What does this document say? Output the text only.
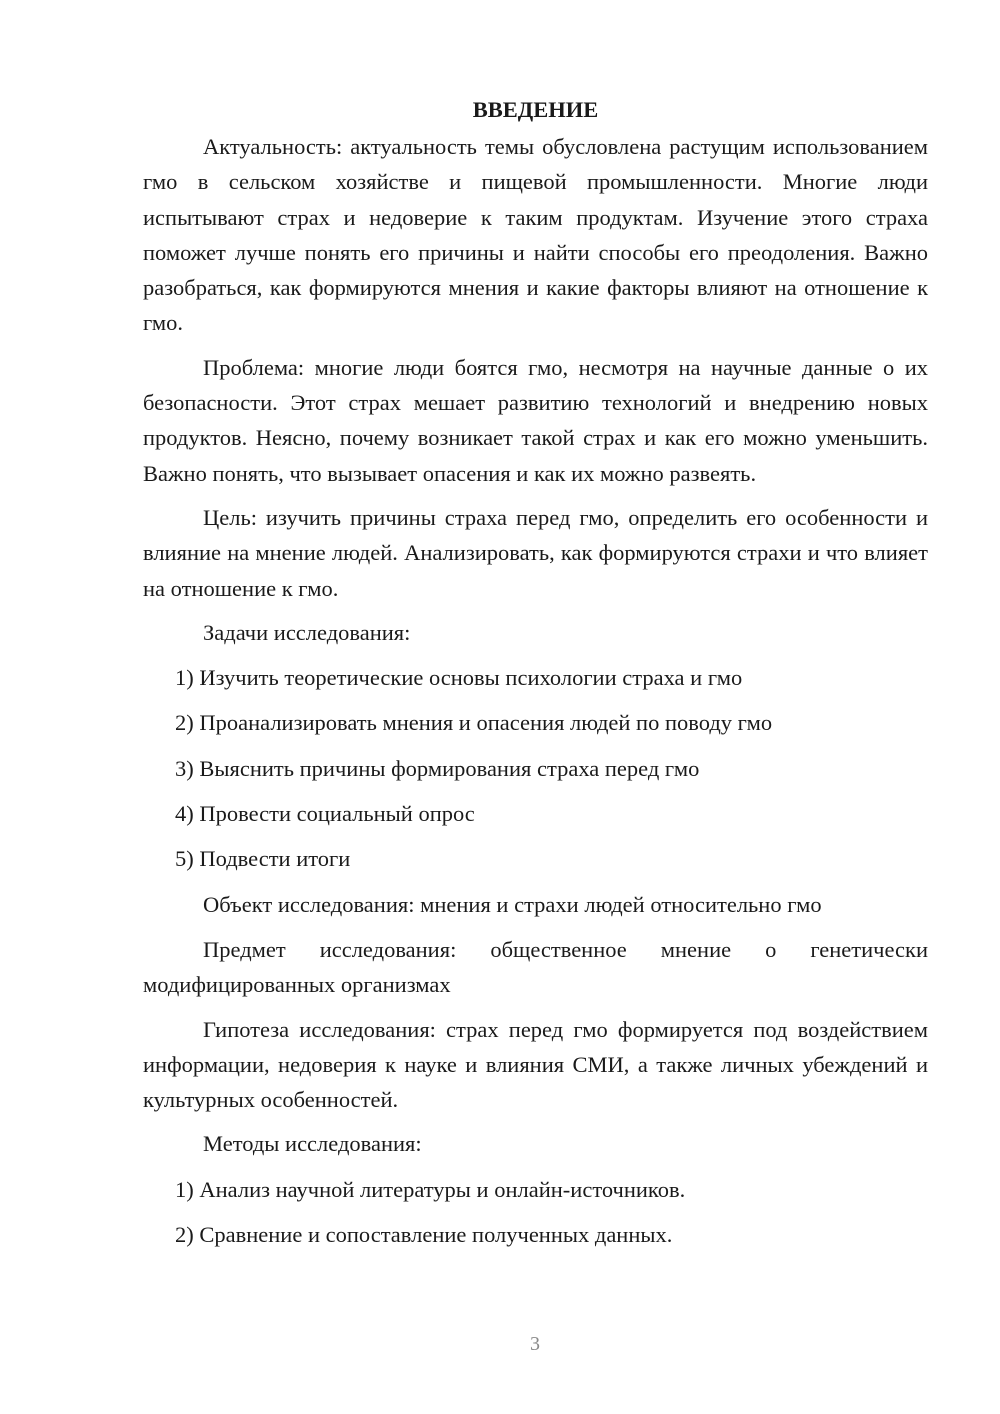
ВВЕДЕНИЕ

Актуальность: актуальность темы обусловлена растущим использованием гмо в сельском хозяйстве и пищевой промышленности. Многие люди испытывают страх и недоверие к таким продуктам. Изучение этого страха поможет лучше понять его причины и найти способы его преодоления. Важно разобраться, как формируются мнения и какие факторы влияют на отношение к гмо.

Проблема: многие люди боятся гмо, несмотря на научные данные о их безопасности. Этот страх мешает развитию технологий и внедрению новых продуктов. Неясно, почему возникает такой страх и как его можно уменьшить. Важно понять, что вызывает опасения и как их можно развеять.

Цель: изучить причины страха перед гмо, определить его особенности и влияние на мнение людей. Анализировать, как формируются страхи и что влияет на отношение к гмо.

Задачи исследования:

1) Изучить теоретические основы психологии страха и гмо
2) Проанализировать мнения и опасения людей по поводу гмо
3) Выяснить причины формирования страха перед гмо
4) Провести социальный опрос
5) Подвести итоги

Объект исследования: мнения и страхи людей относительно гмо

Предмет исследования: общественное мнение о генетически модифицированных организмах

Гипотеза исследования: страх перед гмо формируется под воздействием информации, недоверия к науке и влияния СМИ, а также личных убеждений и культурных особенностей.

Методы исследования:

1) Анализ научной литературы и онлайн-источников.
2) Сравнение и сопоставление полученных данных.
3
